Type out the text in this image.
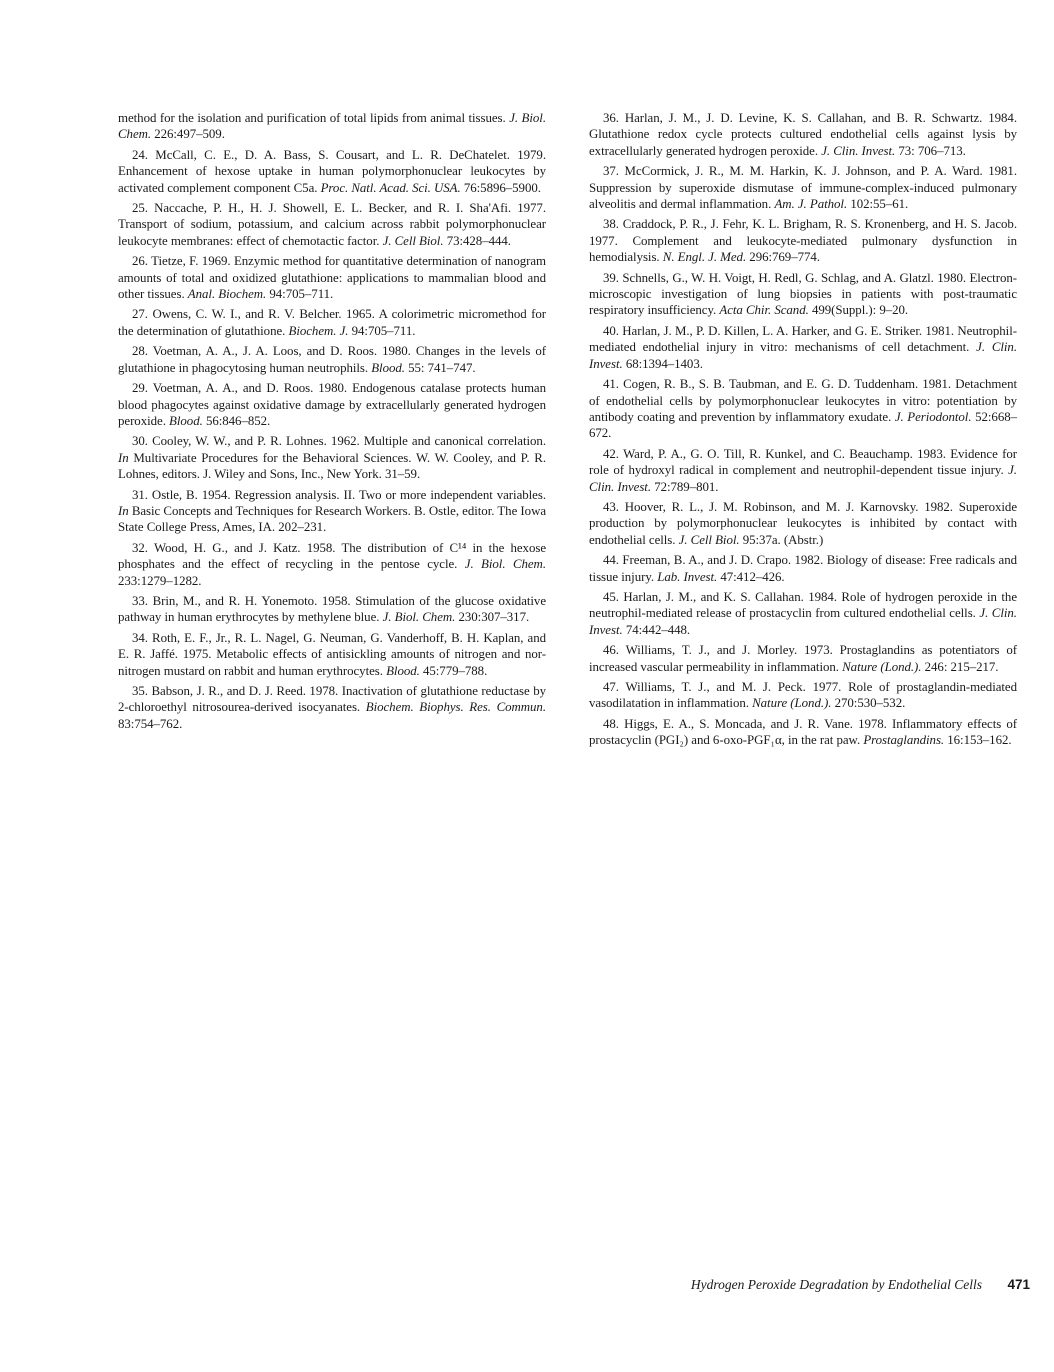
method for the isolation and purification of total lipids from animal tissues. J. Biol. Chem. 226:497–509.

24. McCall, C. E., D. A. Bass, S. Cousart, and L. R. DeChatelet. 1979. Enhancement of hexose uptake in human polymorphonuclear leukocytes by activated complement component C5a. Proc. Natl. Acad. Sci. USA. 76:5896–5900.

25. Naccache, P. H., H. J. Showell, E. L. Becker, and R. I. Sha'Afi. 1977. Transport of sodium, potassium, and calcium across rabbit polymorphonuclear leukocyte membranes: effect of chemotactic factor. J. Cell Biol. 73:428–444.

26. Tietze, F. 1969. Enzymic method for quantitative determination of nanogram amounts of total and oxidized glutathione: applications to mammalian blood and other tissues. Anal. Biochem. 94:705–711.

27. Owens, C. W. I., and R. V. Belcher. 1965. A colorimetric micromethod for the determination of glutathione. Biochem. J. 94:705–711.

28. Voetman, A. A., J. A. Loos, and D. Roos. 1980. Changes in the levels of glutathione in phagocytosing human neutrophils. Blood. 55: 741–747.

29. Voetman, A. A., and D. Roos. 1980. Endogenous catalase protects human blood phagocytes against oxidative damage by extracellularly generated hydrogen peroxide. Blood. 56:846–852.

30. Cooley, W. W., and P. R. Lohnes. 1962. Multiple and canonical correlation. In Multivariate Procedures for the Behavioral Sciences. W. W. Cooley, and P. R. Lohnes, editors. J. Wiley and Sons, Inc., New York. 31–59.

31. Ostle, B. 1954. Regression analysis. II. Two or more independent variables. In Basic Concepts and Techniques for Research Workers. B. Ostle, editor. The Iowa State College Press, Ames, IA. 202–231.

32. Wood, H. G., and J. Katz. 1958. The distribution of C¹⁴ in the hexose phosphates and the effect of recycling in the pentose cycle. J. Biol. Chem. 233:1279–1282.

33. Brin, M., and R. H. Yonemoto. 1958. Stimulation of the glucose oxidative pathway in human erythrocytes by methylene blue. J. Biol. Chem. 230:307–317.

34. Roth, E. F., Jr., R. L. Nagel, G. Neuman, G. Vanderhoff, B. H. Kaplan, and E. R. Jaffé. 1975. Metabolic effects of antisickling amounts of nitrogen and nor-nitrogen mustard on rabbit and human erythrocytes. Blood. 45:779–788.

35. Babson, J. R., and D. J. Reed. 1978. Inactivation of glutathione reductase by 2-chloroethyl nitrosourea-derived isocyanates. Biochem. Biophys. Res. Commun. 83:754–762.

36. Harlan, J. M., J. D. Levine, K. S. Callahan, and B. R. Schwartz. 1984. Glutathione redox cycle protects cultured endothelial cells against lysis by extracellularly generated hydrogen peroxide. J. Clin. Invest. 73: 706–713.

37. McCormick, J. R., M. M. Harkin, K. J. Johnson, and P. A. Ward. 1981. Suppression by superoxide dismutase of immune-complex-induced pulmonary alveolitis and dermal inflammation. Am. J. Pathol. 102:55–61.

38. Craddock, P. R., J. Fehr, K. L. Brigham, R. S. Kronenberg, and H. S. Jacob. 1977. Complement and leukocyte-mediated pulmonary dysfunction in hemodialysis. N. Engl. J. Med. 296:769–774.

39. Schnells, G., W. H. Voigt, H. Redl, G. Schlag, and A. Glatzl. 1980. Electron-microscopic investigation of lung biopsies in patients with post-traumatic respiratory insufficiency. Acta Chir. Scand. 499(Suppl.): 9–20.

40. Harlan, J. M., P. D. Killen, L. A. Harker, and G. E. Striker. 1981. Neutrophil-mediated endothelial injury in vitro: mechanisms of cell detachment. J. Clin. Invest. 68:1394–1403.

41. Cogen, R. B., S. B. Taubman, and E. G. D. Tuddenham. 1981. Detachment of endothelial cells by polymorphonuclear leukocytes in vitro: potentiation by antibody coating and prevention by inflammatory exudate. J. Periodontol. 52:668–672.

42. Ward, P. A., G. O. Till, R. Kunkel, and C. Beauchamp. 1983. Evidence for role of hydroxyl radical in complement and neutrophil-dependent tissue injury. J. Clin. Invest. 72:789–801.

43. Hoover, R. L., J. M. Robinson, and M. J. Karnovsky. 1982. Superoxide production by polymorphonuclear leukocytes is inhibited by contact with endothelial cells. J. Cell Biol. 95:37a. (Abstr.)

44. Freeman, B. A., and J. D. Crapo. 1982. Biology of disease: Free radicals and tissue injury. Lab. Invest. 47:412–426.

45. Harlan, J. M., and K. S. Callahan. 1984. Role of hydrogen peroxide in the neutrophil-mediated release of prostacyclin from cultured endothelial cells. J. Clin. Invest. 74:442–448.

46. Williams, T. J., and J. Morley. 1973. Prostaglandins as potentiators of increased vascular permeability in inflammation. Nature (Lond.). 246: 215–217.

47. Williams, T. J., and M. J. Peck. 1977. Role of prostaglandin-mediated vasodilatation in inflammation. Nature (Lond.). 270:530–532.

48. Higgs, E. A., S. Moncada, and J. R. Vane. 1978. Inflammatory effects of prostacyclin (PGI₂) and 6-oxo-PGF₁α, in the rat paw. Prostaglandins. 16:153–162.

Hydrogen Peroxide Degradation by Endothelial Cells 471
